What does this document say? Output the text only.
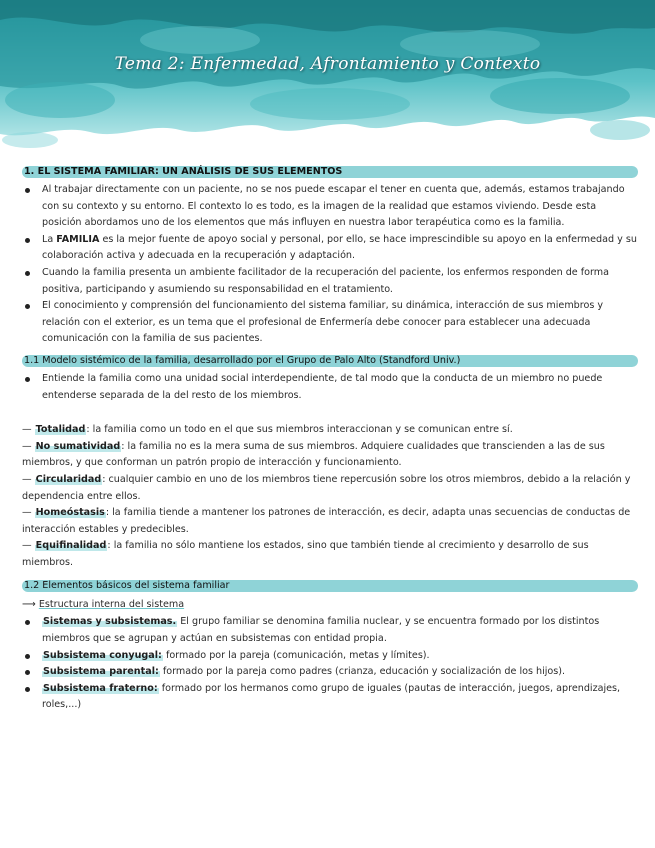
Tema 2: Enfermedad, Afrontamiento y Contexto
1. EL SISTEMA FAMILIAR: UN ANÁLISIS DE SUS ELEMENTOS
Al trabajar directamente con un paciente, no se nos puede escapar el tener en cuenta que, además, estamos trabajando con su contexto y su entorno. El contexto lo es todo, es la imagen de la realidad que estamos viviendo. Desde esta posición abordamos uno de los elementos que más influyen en nuestra labor terapéutica como es la familia.
La FAMILIA es la mejor fuente de apoyo social y personal, por ello, se hace imprescindible su apoyo en la enfermedad y su colaboración activa y adecuada en la recuperación y adaptación.
Cuando la familia presenta un ambiente facilitador de la recuperación del paciente, los enfermos responden de forma positiva, participando y asumiendo su responsabilidad en el tratamiento.
El conocimiento y comprensión del funcionamiento del sistema familiar, su dinámica, interacción de sus miembros y relación con el exterior, es un tema que el profesional de Enfermería debe conocer para establecer una adecuada comunicación con la familia de sus pacientes.
1.1 Modelo sistémico de la familia, desarrollado por el Grupo de Palo Alto (Standford Univ.)
Entiende la familia como una unidad social interdependiente, de tal modo que la conducta de un miembro no puede entenderse separada de la del resto de los miembros.

— Totalidad: la familia como un todo en el que sus miembros interaccionan y se comunican entre sí.

— No sumatividad: la familia no es la mera suma de sus miembros. Adquiere cualidades que transcienden a las de sus miembros, y que conforman un patrón propio de interacción y funcionamiento.

— Circularidad: cualquier cambio en uno de los miembros tiene repercusión sobre los otros miembros, debido a la relación y dependencia entre ellos.

— Homeóstasis: la familia tiende a mantener los patrones de interacción, es decir, adapta unas secuencias de conductas de interacción estables y predecibles.

— Equifinalidad: la familia no sólo mantiene los estados, sino que también tiende al crecimiento y desarrollo de sus miembros.

1.2 Elementos básicos del sistema familiar
⟶ Estructura interna del sistema
Sistemas y subsistemas. El grupo familiar se denomina familia nuclear, y se encuentra formado por los distintos miembros que se agrupan y actúan en subsistemas con entidad propia.
Subsistema conyugal: formado por la pareja (comunicación, metas y límites).
Subsistema parental: formado por la pareja como padres (crianza, educación y socialización de los hijos).
Subsistema fraterno: formado por los hermanos como grupo de iguales (pautas de interacción, juegos, aprendizajes, roles,...)
